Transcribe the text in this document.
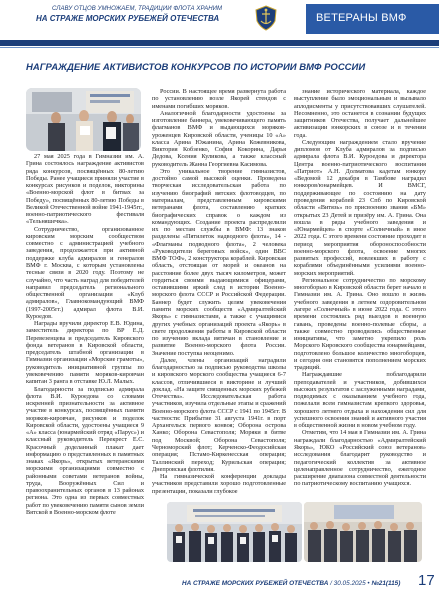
СЛАВУ ОТЦОВ УМНОЖАЕМ, ТРАДИЦИИ ФЛОТА ХРАНИМ
НА СТРАЖЕ МОРСКИХ РУБЕЖЕЙ ОТЕЧЕСТВА	ВЕТЕРАНЫ ВМФ
НАГРАЖДЕНИЕ АКТИВИСТОВ КОНКУРСОВ ПО ИСТОРИИ ВМФ РОССИИ

27 мая 2025 года в Гимназии им. А. Грина состоялось награждение активистов ряда конкурсов, посвящённых 80-летию Победы. Ранее учащиеся приняли участие в конкурсах рисунков и поделок, викторины «Военно-морской флот в битвах за Победу», посвящённых 80-летию Победы в Великой Отечественной войне 1941-1945гг., военно-патриотического фестиваля «Тельняшечка».

Сотрудничество, организованное кировским морским сообществом совместно с администрацией учебного заведения, продолжается при активной поддержке клуба адмиралов и генералов ВМФ г. Москва, с которым установлены тесные связи в 2020 году. Поэтому не случайно, что часть наград для победителей направил председатель регионального общественной организации «Клуб адмиралов», Главнокомандующий ВМФ (1997-2005гг.) адмирал флота В.И. Куроедов.

Награды вручили директор Е.В. Юдина, заместитель директора по ВР Е.Д. Перевезенцева и председатель Кировского фонда ветеранов в Кировской области, председатель штабной организации в Гимназии организации «Морские грамоты», руководитель инициативной группы по увековечению памяти моряков-кировчан капитан 3 ранга в отставке Ю.Л. Малых.

Благодарности за подписью адмирала флота В.И. Куроедова со словами искренней признательности за активное участие в конкурсах, посвящённых памяти моряков-кировчан, рисунков и поделок Кировской области, удостоены учащиеся 9 «А» класса (юнармейский отряд «Парус») и классный руководитель Перекрест Е.С. Красочный доделанный плакат дает информацию о представленных в памятных знаках «Якорь», открытых ветеранскими морскими организациями совместно с районными советами ветеранов войны, труда, Вооружённых Сил и правоохранительных органов в 13 районах региона. Это одна из первых совместных работ по увековечению памяти сынов земли Вятской в Военно-морском флоте

России. В настоящее время развернута работа по установлению возле Якорей стендов с именами погибших моряков.

Аналогичной благодарности удостоены за изготовление баннера, увековечивающего память флагманов ВМФ и выдающихся моряков-уроженцев Кировской области, ученицы 10 «А» класса Арина Южанина, Арина Кожевникова, Виктория Кобзенко, София Кокорина, Дарья Дедова, Ксения Куликова, а также классный руководитель Жанна Георгиевна Касимова.

Это уникальное творение гимназистов, достойно самой высокой оценки. Проведена творческая исследовательская работа по изучению биографий вятских флотоводцев, по материалам, представленным кировскими ветеранами флота, составлению кратких биографических справок о каждом из командующих. Создание проекта распределили их по местам службы в ВМФ: 13 знаков разделены «Пятилеток надводного флота», 14 - «Флагманы подводного флота», 2 человека «Руководители береговых войск», один ВВС ВМФ ТОФ», 2 конструктора кораблей. Кировская область, отстоящая от морей и океанов на расстояние более двух тысяч километров, может гордиться своими выдающимися офицерами, оставившими яркий след в истории Военно-морского флота СССР и Российской Федерации. Баннер будет служить целям увековечения памяти морских сообществ «Адмиралтейский Якорь» с гимназистами, а также с учащимися других учебных организаций проекта «Якорь» в свете продолжения работы в Кировской области по изучению вклада вятичан в становление и развитие Военно-морского флота России. Значение поступка неоценимо.

Далее, члены организаций наградили благодарностью за подписью руководства школы и кировского морского сообщества учащиеся 6-7 классов, отличившиеся в викторине и лучший доклад. «На защите священных морских рубежей Отечества». Исследовательская работа участников, изучила отдельные этапы и сражений Военно-морского флота СССР с 1941 по 1945гг. В частности: Прибытие 31 августа 1941г. в порт Архангельск первого конвоя; Оборона острова Ханко; Оборона Севастополя; Моряки в битве под Москвой; Оборона Севастополя; Черноморский флот; Керченско-Феодосийская операция; Пстамо-Киркенесская операция; Таллинский переход; Курильская операция; Днепровская флотилия.

На гимназической конференции доклады участников представили хорошо подготовленные презентации, показали глубокое

знание исторического материала, каждое выступление было эмоциональным и вызывало аплодисменты у присутствовавших слушателей. Несомненно, это останется в сознании будущих защитников Отечества, получает дальнейшее активизации юнкорских в союзе и в течении года.

Следующим награждением стало вручение дипломов от Клуба адмиралов за подписью адмирала флота В.И. Куроедова и директора Центра военно-патриотического воспитания «Патриот» А.Н. Долматова кадетам юнкору «Ведомой 12 декабря в Тамбове наградил юнкоров/юнармейцев. И ВМСГ, поддерживающее по состоянию на дату проведения кораблей 23 Спб по Кировской области «Витязь» по присвоению звания «БМ» открытых 23 Детей и призёру им. А. Грина. Она вошла в ряды учебного заведения и «Юнармейцев» в спорте «Солнечный» в иное 2022 года. С этого времени состояние проходит в период мероприятия обороноспособности военно-морского флота, освоение многих развитых профессий, вовлекших в работу с кораблями объединёнными усилиями военно-морских мероприятий.

Региональное сотрудничество по морскому многоборью в Кировской области берет начало в Гимназии им. А. Грина. Оно вошло в жизнь учебного заведения в летнем оздоровительном лагере «Солнечный» в июне 2022 года. С этого времени состоялись ряд выездов в военную гавань, проведены военно-полевые сборы, а также совместно проводились общественные инициативы, что заметно укрепило роль Морского Кировского сообщества юнармейцами, подготовлено большое количество многоборцев, и сегодня они становятся пополнением морских традиций.

Награждавшие поблагодарили преподавателей и участников, добившихся высоких результатов с заслуженными наградами, подводимых с оказыванием учебного года, пожелали всем гимназистам крепкого здоровья, хорошего летнего отдыха и нахождения сил для успешного освоения знаний и активного участия в общественной жизни в новом учебном году.

Отметим, что 14 мая в Гимназии им. А. Грина награждали благодарностью «Адмиралтейский Якорь», ЮКО «Российский союз ветеранов» исследования благодарит руководство и педагогический коллектив за активное целенаправленное сотрудничество, ежегодное расширение диапазона совместной деятельности по патриотическому воспитанию учащихся.

НА СТРАЖЕ МОРСКИХ РУБЕЖЕЙ ОТЕЧЕСТВА / 30.05.2025 • №21(115) 17
